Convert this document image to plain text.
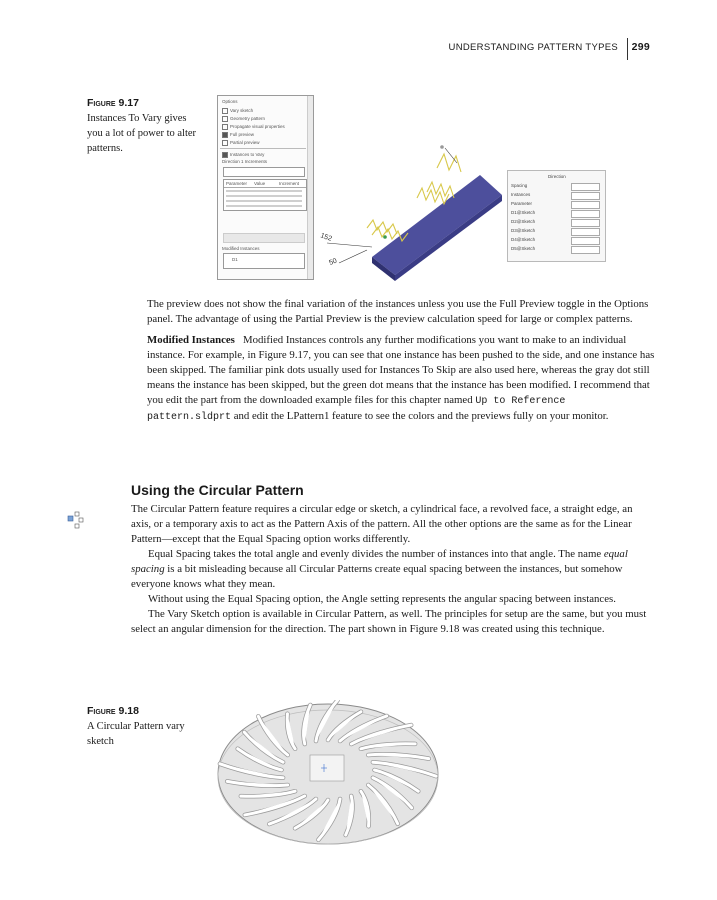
UNDERSTANDING PATTERN TYPES 299
Figure 9.17
Instances To Vary gives you a lot of power to alter patterns.
Options
Vary sketch
Geometry pattern
Propagate visual properties
Full preview
Partial preview
Instances to Vary
Direction 1 Increments
Parameter Value	Increment
Modified Instances
D1
152
50
Direction
Spacing
Instances
Parameter
D1@Sketch
D2@Sketch
D3@Sketch
D4@Sketch
D5@Sketch

The preview does not show the final variation of the instances unless you use the Full Preview toggle in the Options panel. The advantage of using the Partial Preview is the preview calculation speed for large or complex patterns.

Modified Instances Modified Instances controls any further modifications you want to make to an individual instance. For example, in Figure 9.17, you can see that one instance has been pushed to the side, and one instance has been skipped. The familiar pink dots usually used for Instances To Skip are also used here, whereas the gray dot still means the instance has been skipped, but the green dot means that the instance has been modified. I recommend that you edit the part from the downloaded example files for this chapter named Up to Reference pattern.sldprt and edit the LPattern1 feature to see the colors and the previews fully on your monitor.

Using the Circular Pattern

The Circular Pattern feature requires a circular edge or sketch, a cylindrical face, a revolved face, a straight edge, an axis, or a temporary axis to act as the Pattern Axis of the pattern. All the other options are the same as for the Linear Pattern—except that the Equal Spacing option works differently.

Equal Spacing takes the total angle and evenly divides the number of instances into that angle. The name equal spacing is a bit misleading because all Circular Patterns create equal spacing between the instances, but somehow everyone knows what they mean.

Without using the Equal Spacing option, the Angle setting represents the angular spacing between instances.

The Vary Sketch option is available in Circular Pattern, as well. The principles for setup are the same, but you must select an angular dimension for the direction. The part shown in Figure 9.18 was created using this technique.

Figure 9.18
A Circular Pattern vary sketch
